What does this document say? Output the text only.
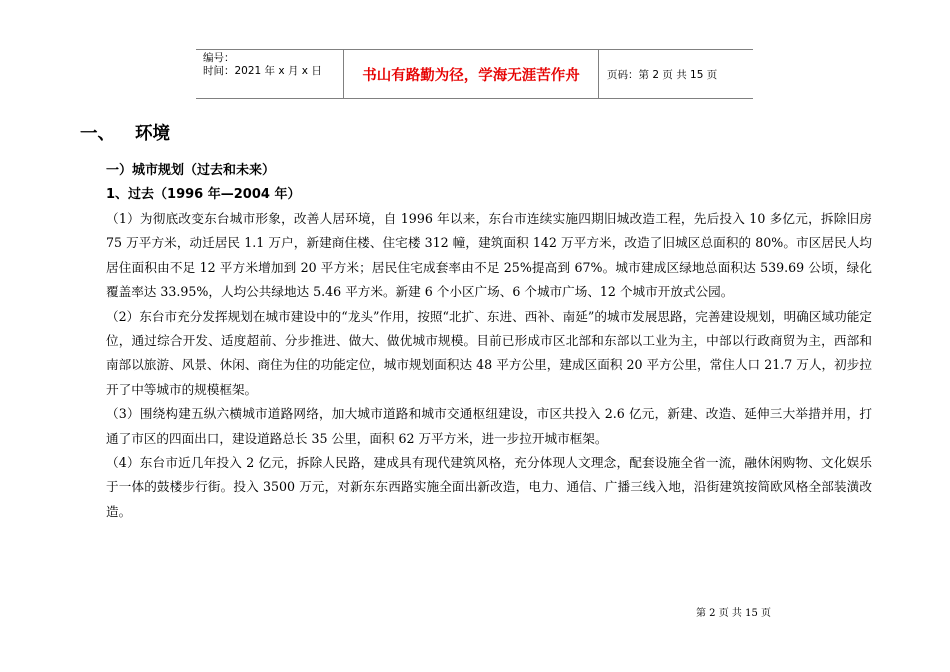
编号：
时间：2021 年 x 月 x 日	书山有路勤为径，学海无涯苦作舟	页码：第 2 页 共 15 页
一、 环境
一）城市规划（过去和未来）
1、过去（1996 年—2004 年）

（1）为彻底改变东台城市形象，改善人居环境，自 1996 年以来，东台市连续实施四期旧城改造工程，先后投入 10 多亿元，拆除旧房 75 万平方米，动迁居民 1.1 万户，新建商住楼、住宅楼 312 幢，建筑面积 142 万平方米，改造了旧城区总面积的 80%。市区居民人均居住面积由不足 12 平方米增加到 20 平方米；居民住宅成套率由不足 25%提高到 67%。城市建成区绿地总面积达 539.69 公顷，绿化覆盖率达 33.95%，人均公共绿地达 5.46 平方米。新建 6 个小区广场、6 个城市广场、12 个城市开放式公园。

（2）东台市充分发挥规划在城市建设中的“龙头”作用，按照“北扩、东进、西补、南延”的城市发展思路，完善建设规划，明确区域功能定位，通过综合开发、适度超前、分步推进、做大、做优城市规模。目前已形成市区北部和东部以工业为主，中部以行政商贸为主，西部和南部以旅游、风景、休闲、商住为住的功能定位，城市规划面积达 48 平方公里，建成区面积 20 平方公里，常住人口 21.7 万人，初步拉开了中等城市的规模框架。

（3）围绕构建五纵六横城市道路网络，加大城市道路和城市交通枢纽建设，市区共投入 2.6 亿元，新建、改造、延伸三大举措并用，打通了市区的四面出口，建设道路总长 35 公里，面积 62 万平方米，进一步拉开城市框架。

（4）东台市近几年投入 2 亿元，拆除人民路，建成具有现代建筑风格，充分体现人文理念，配套设施全省一流，融休闲购物、文化娱乐于一体的鼓楼步行街。投入 3500 万元，对新东东西路实施全面出新改造，电力、通信、广播三线入地，沿街建筑按简欧风格全部装潢改造。

第 2 页 共 15 页
